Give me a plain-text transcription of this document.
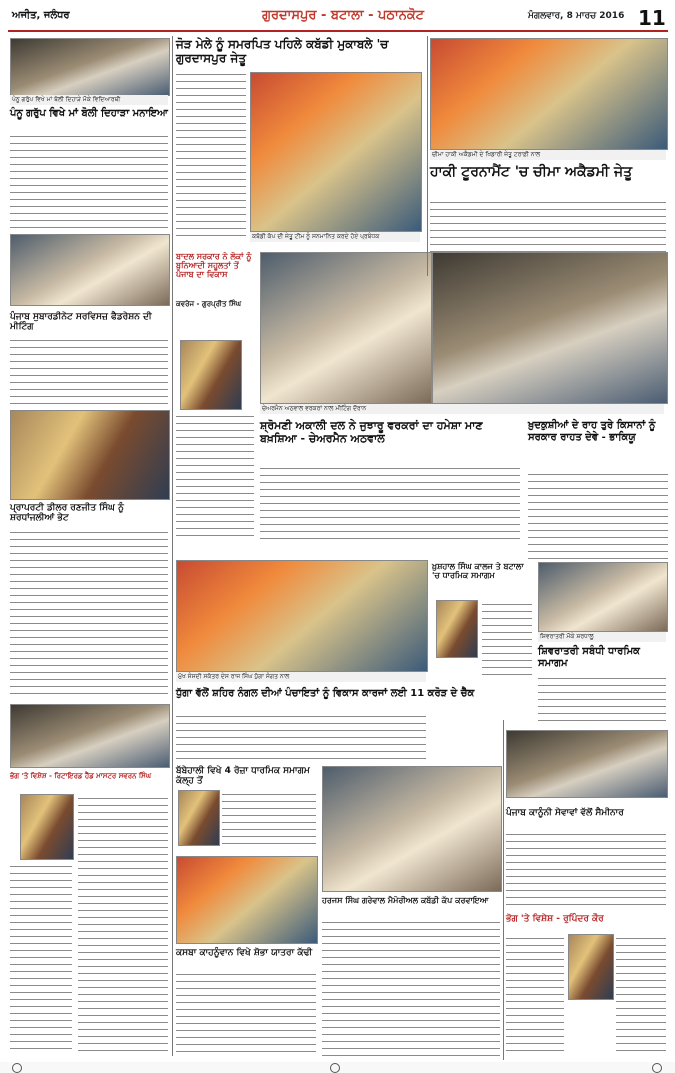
ਅਜੀਤ, ਜਲੰਧਰ	ਗੁਰਦਾਸਪੁਰ - ਬਟਾਲਾ - ਪਠਾਨਕੋਟ	ਮੰਗਲਵਾਰ, 8 ਮਾਰਚ 2016 11
ਪੰਨੂ ਗਰੁੱਪ ਵਿਖੇ ਮਾਂ ਬੋਲੀ ਦਿਹਾੜੇ ਮੌਕੇ ਵਿਦਿਆਰਥੀ
ਪੰਨੂ ਗਰੁੱਪ ਵਿਖੇ ਮਾਂ ਬੋਲੀ ਦਿਹਾੜਾ ਮਨਾਇਆ
ਪੰਜਾਬ ਸੁਬਾਰਡੀਨੇਟ ਸਰਵਿਸਜ਼ ਫੈਡਰੇਸ਼ਨ ਦੀ ਮੀਟਿੰਗ
ਪ੍ਰਾਪਰਟੀ ਡੀਲਰ ਰਣਜੀਤ ਸਿੰਘ ਨੂੰ ਸ਼ਰਧਾਂਜਲੀਆਂ ਭੇਟ
ਜੋੜ ਮੇਲੇ ਨੂੰ ਸਮਰਪਿਤ ਪਹਿਲੇ ਕਬੱਡੀ ਮੁਕਾਬਲੇ 'ਚ ਗੁਰਦਾਸਪੁਰ ਜੇਤੂ
ਕਬੱਡੀ ਕੱਪ ਦੀ ਜੇਤੂ ਟੀਮ ਨੂੰ ਸਨਮਾਨਿਤ ਕਰਦੇ ਹੋਏ ਪ੍ਰਬੰਧਕ
ਚੀਮਾ ਹਾਕੀ ਅਕੈਡਮੀ ਦੇ ਖਿਡਾਰੀ ਜੇਤੂ ਟਰਾਫ਼ੀ ਨਾਲ
ਹਾਕੀ ਟੂਰਨਾਮੈਂਟ 'ਚ ਚੀਮਾ ਅਕੈਡਮੀ ਜੇਤੂ
ਬਾਦਲ ਸਰਕਾਰ ਨੇ ਲੋਕਾਂ ਨੂੰ ਬੁਨਿਆਦੀ ਸਹੂਲਤਾਂ ਤੋਂ ਪੰਜਾਬ ਦਾ ਵਿਕਾਸ
ਕਵਰੇਜ - ਗੁਰਪ੍ਰੀਤ ਸਿੰਘ
ਚੇਅਰਮੈਨ ਅਠਵਾਲ ਵਰਕਰਾਂ ਨਾਲ ਮੀਟਿੰਗ ਦੌਰਾਨ
ਸ਼੍ਰੋਮਣੀ ਅਕਾਲੀ ਦਲ ਨੇ ਜੁਝਾਰੂ ਵਰਕਰਾਂ ਦਾ ਹਮੇਸ਼ਾ ਮਾਣ ਬਖ਼ਸ਼ਿਆ - ਚੇਅਰਮੈਨ ਅਠਵਾਲ
ਖ਼ੁਦਕੁਸ਼ੀਆਂ ਦੇ ਰਾਹ ਤੁਰੇ ਕਿਸਾਨਾਂ ਨੂੰ ਸਰਕਾਰ ਰਾਹਤ ਦੇਵੇ - ਭਾਕਿਯੂ
ਮੁੱਖ ਸੰਸਦੀ ਸਕੱਤਰ ਦੇਸ ਰਾਜ ਸਿੰਘ ਧੁੱਗਾ ਸੰਗਤ ਨਾਲ
ਧੁੱਗਾ ਵੱਲੋਂ ਸ਼ਹਿਰ ਨੰਗਲ ਦੀਆਂ ਪੰਚਾਇਤਾਂ ਨੂੰ ਵਿਕਾਸ ਕਾਰਜਾਂ ਲਈ 11 ਕਰੋੜ ਦੇ ਚੈੱਕ
ਖ਼ੁਸ਼ਹਾਲ ਸਿੰਘ ਕਾਲਜ ਤੇ ਬਟਾਲਾ 'ਚ ਧਾਰਮਿਕ ਸਮਾਗਮ
ਸ਼ਿਵਰਾਤਰੀ ਮੌਕੇ ਸ਼ਰਧਾਲੂ
ਸ਼ਿਵਰਾਤਰੀ ਸਬੰਧੀ ਧਾਰਮਿਕ ਸਮਾਗਮ
ਭੋਗ 'ਤੇ ਵਿਸ਼ੇਸ਼ - ਰਿਟਾਇਰਡ ਹੈੱਡ ਮਾਸਟਰ ਸਵਰਨ ਸਿੰਘ	ਬੱਬੇਹਾਲੀ ਵਿਖੇ 4 ਰੋਜ਼ਾ ਧਾਰਮਿਕ ਸਮਾਗਮ ਕੱਲ੍ਹ ਤੋਂ
ਕਸਬਾ ਕਾਹਨੂੰਵਾਨ ਵਿਖੇ ਸ਼ੋਭਾ ਯਾਤਰਾ ਕੱਢੀ
ਹਰਜਸ ਸਿੰਘ ਗਰੇਵਾਲ ਮੈਮੋਰੀਅਲ ਕਬੱਡੀ ਕੱਪ ਕਰਵਾਇਆ
ਪੰਜਾਬ ਕਾਨੂੰਨੀ ਸੇਵਾਵਾਂ ਵੱਲੋਂ ਸੈਮੀਨਾਰ
ਭੋਗ 'ਤੇ ਵਿਸ਼ੇਸ਼ - ਰੁਪਿੰਦਰ ਕੌਰ
